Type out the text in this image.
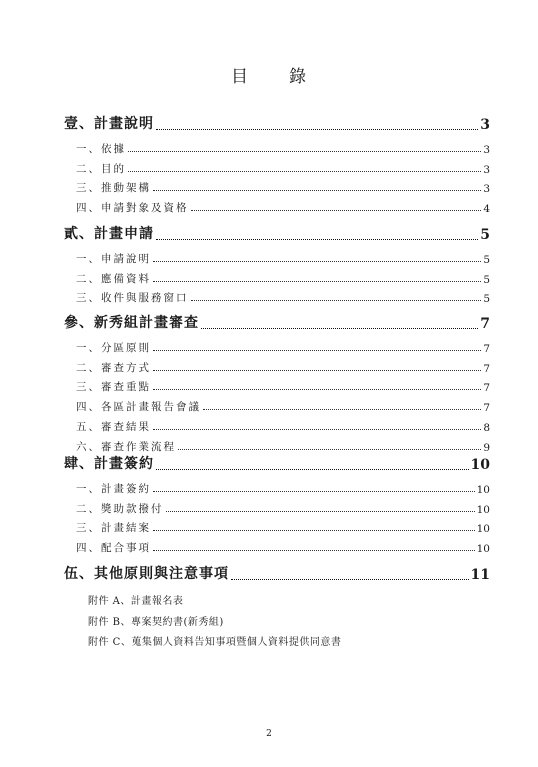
目 錄
壹、計畫說明	3
一、依據	3
二、目的	3
三、推動架構	3
四、申請對象及資格	4
貳、計畫申請	5
一、申請說明	5
二、應備資料	5
三、收件與服務窗口	5
參、新秀組計畫審查	7
一、分區原則	7
二、審查方式	7
三、審查重點	7
四、各區計畫報告會議	7
五、審查結果	8
六、審查作業流程	9
肆、計畫簽約	10
一、計畫簽約	10
二、獎助款撥付	10
三、計畫結案	10
四、配合事項	10
伍、其他原則與注意事項	11
附件 A、計畫報名表
附件 B、專案契約書(新秀組)
附件 C、蒐集個人資料告知事項暨個人資料提供同意書
2
